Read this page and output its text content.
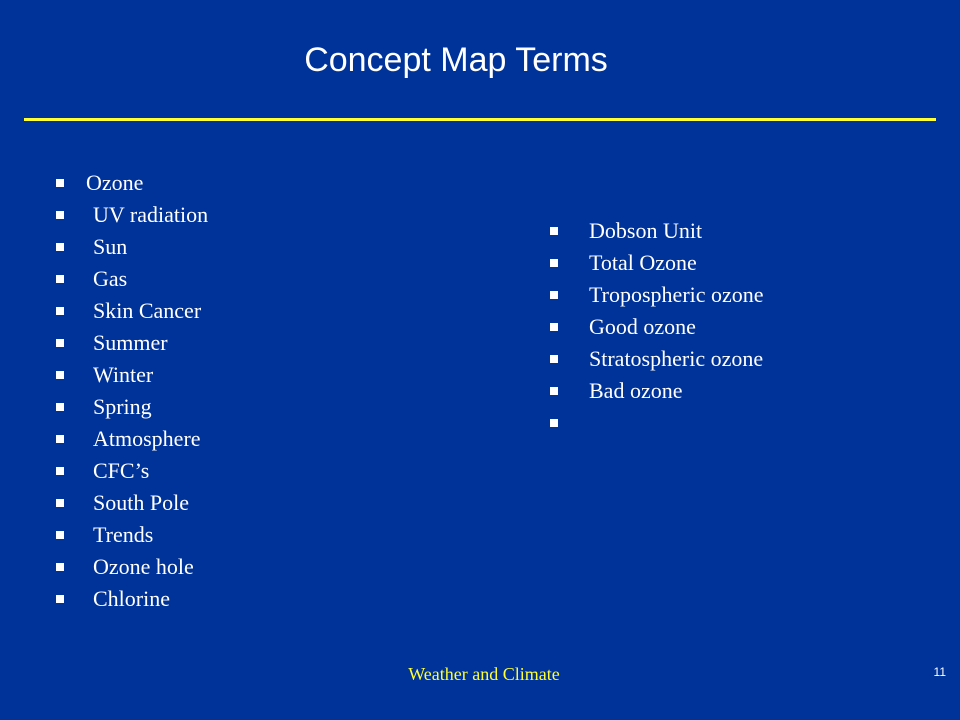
Concept Map Terms
Ozone
UV radiation
Sun
Gas
Skin Cancer
Summer
Winter
Spring
Atmosphere
CFC’s
South Pole
Trends
Ozone hole
Chlorine
Dobson Unit
Total Ozone
Tropospheric ozone
Good ozone
Stratospheric ozone
Bad ozone
Weather and Climate	11
